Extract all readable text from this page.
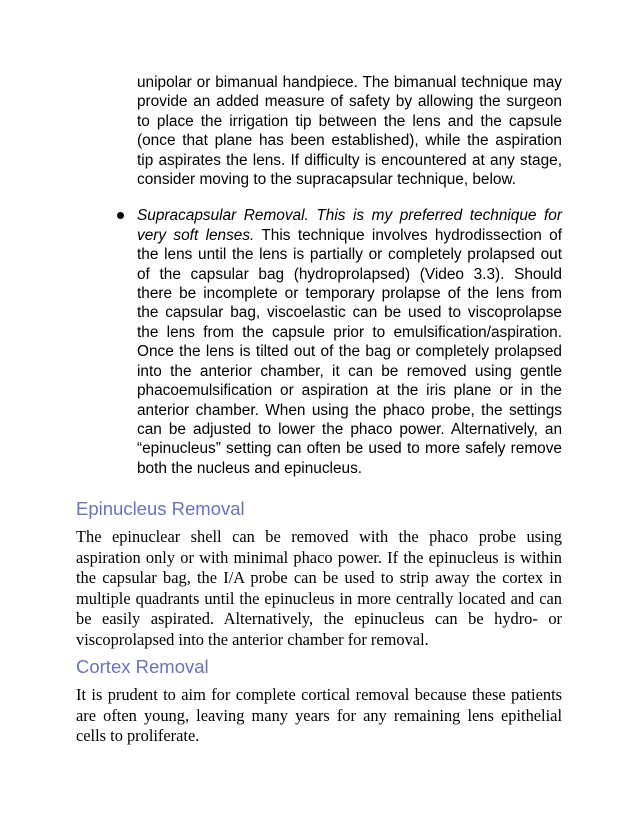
unipolar or bimanual handpiece. The bimanual technique may provide an added measure of safety by allowing the surgeon to place the irrigation tip between the lens and the capsule (once that plane has been established), while the aspiration tip aspirates the lens. If difficulty is encountered at any stage, consider moving to the supracapsular technique, below.

Supracapsular Removal. This is my preferred technique for very soft lenses. This technique involves hydrodissection of the lens until the lens is partially or completely prolapsed out of the capsular bag (hydroprolapsed) (Video 3.3). Should there be incomplete or temporary prolapse of the lens from the capsular bag, viscoelastic can be used to viscoprolapse the lens from the capsule prior to emulsification/aspiration. Once the lens is tilted out of the bag or completely prolapsed into the anterior chamber, it can be removed using gentle phacoemulsification or aspiration at the iris plane or in the anterior chamber. When using the phaco probe, the settings can be adjusted to lower the phaco power. Alternatively, an “epinucleus” setting can often be used to more safely remove both the nucleus and epinucleus.

Epinucleus Removal

The epinuclear shell can be removed with the phaco probe using aspiration only or with minimal phaco power. If the epinucleus is within the capsular bag, the I/A probe can be used to strip away the cortex in multiple quadrants until the epinucleus in more centrally located and can be easily aspirated. Alternatively, the epinucleus can be hydro- or viscoprolapsed into the anterior chamber for removal.

Cortex Removal

It is prudent to aim for complete cortical removal because these patients are often young, leaving many years for any remaining lens epithelial cells to proliferate.
